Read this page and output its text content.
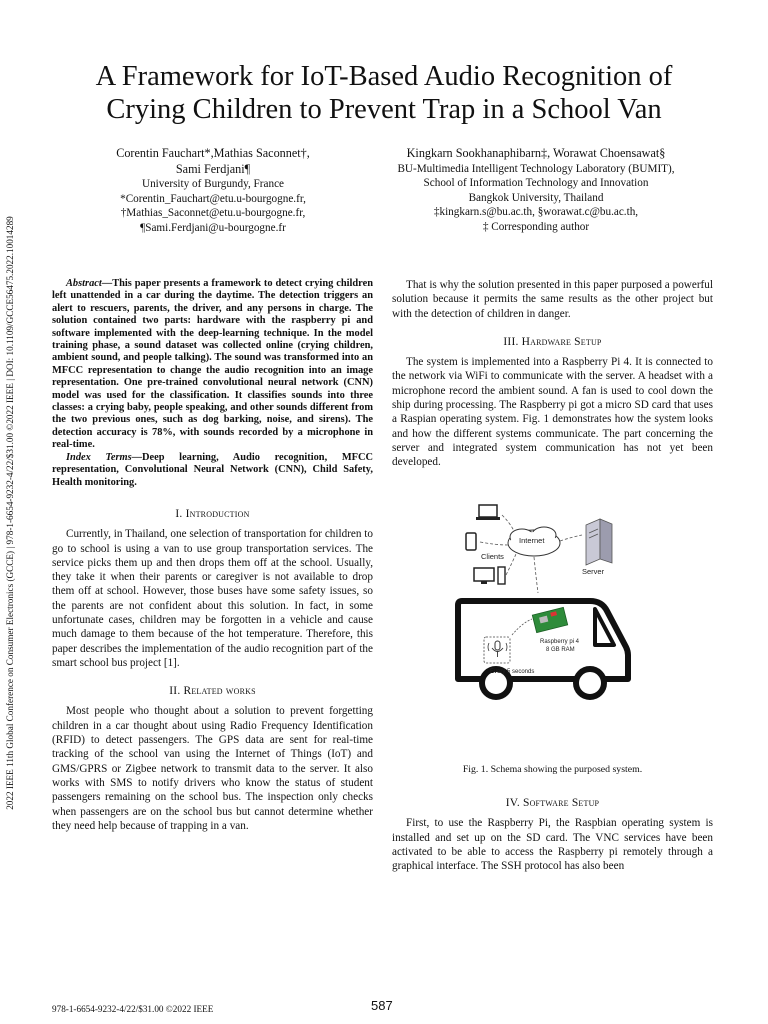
A Framework for IoT-Based Audio Recognition of
Crying Children to Prevent Trap in a School Van
Corentin Fauchart*,Mathias Saconnet†,
Sami Ferdjani¶
University of Burgundy, France
*Corentin_Fauchart@etu.u-bourgogne.fr,
†Mathias_Saconnet@etu.u-bourgogne.fr,
¶Sami.Ferdjani@u-bourgogne.fr
Kingkarn Sookhanaphibarn‡, Worawat Choensawat§
BU-Multimedia Intelligent Technology Laboratory (BUMIT),
School of Information Technology and Innovation
Bangkok University, Thailand
‡kingkarn.s@bu.ac.th, §worawat.c@bu.ac.th,
‡ Corresponding author
2022 IEEE 11th Global Conference on Consumer Electronics (GCCE) | 978-1-6654-9232-4/22/$31.00 ©2022 IEEE | DOI: 10.1109/GCCE56475.2022.10014289	Abstract—This paper presents a framework to detect crying children left unattended in a car during the daytime. The detection triggers an alert to rescuers, parents, the driver, and any persons in charge. The solution contained two parts: hardware with the raspberry pi and software implemented with the deep-learning technique. In the model training phase, a sound dataset was collected online (crying children, ambient sound, and people talking). The sound was transformed into an MFCC representation to change the audio recognition into an image representation. One pre-trained convolutional neural network (CNN) model was used for the classification. It classifies sounds into three classes: a crying baby, people speaking, and other sounds different from the two previous ones, such as dog barking, noise, and sirens). The detection accuracy is 78%, with sounds recorded by a microphone in real-time.

Index Terms—Deep learning, Audio recognition, MFCC representation, Convolutional Neural Network (CNN), Child Safety, Health monitoring.

I. Introduction

Currently, in Thailand, one selection of transportation for children to go to school is using a van to use group transportation services. The service picks them up and then drops them off at the school. Usually, they take it when their parents or caregiver is not available to drop them off at school. However, those buses have some safety issues, so the parents are not confident about this solution. In fact, in some unfortunate cases, children may be forgotten in a vehicle and cause much damage to them because of the hot temperature. Therefore, this paper describes the implementation of the audio recognition part of the smart school bus project [1].

II. Related works

Most people who thought about a solution to prevent forgetting children in a car thought about using Radio Frequency Identification (RFID) to detect passengers. The GPS data are sent for real-time tracking of the school van using the Internet of Things (IoT) and GMS/GPRS or Zigbee network to transmit data to the server. It also works with SMS to notify drivers who know the status of student passengers remaining on the school bus. The inspection only checks when passengers are on the school bus but cannot determine whether they need help because of trapping in a van.

That is why the solution presented in this paper purposed a powerful solution because it permits the same results as the other project but with the detection of children in danger.

III. Hardware Setup

The system is implemented into a Raspberry Pi 4. It is connected to the network via WiFi to communicate with the server. A headset with a microphone record the ambient sound. A fan is used to cool down the ship during processing. The Raspberry pi got a micro SD card that uses a Raspian operating system. Fig. 1 demonstrates how the system looks and how the different systems communicate. The part concerning the server and integrated system communication has not yet been developed.

Clients
Internet
Server
Raspberry pi 4
8 GB RAM
Every 5 seconds
Fig. 1. Schema showing the purposed system.
IV. Software Setup

First, to use the Raspberry Pi, the Raspbian operating system is installed and set up on the SD card. The VNC services have been activated to be able to access the Raspberry pi remotely through a graphical interface. The SSH protocol has also been

978-1-6654-9232-4/22/$31.00 ©2022 IEEE	587
